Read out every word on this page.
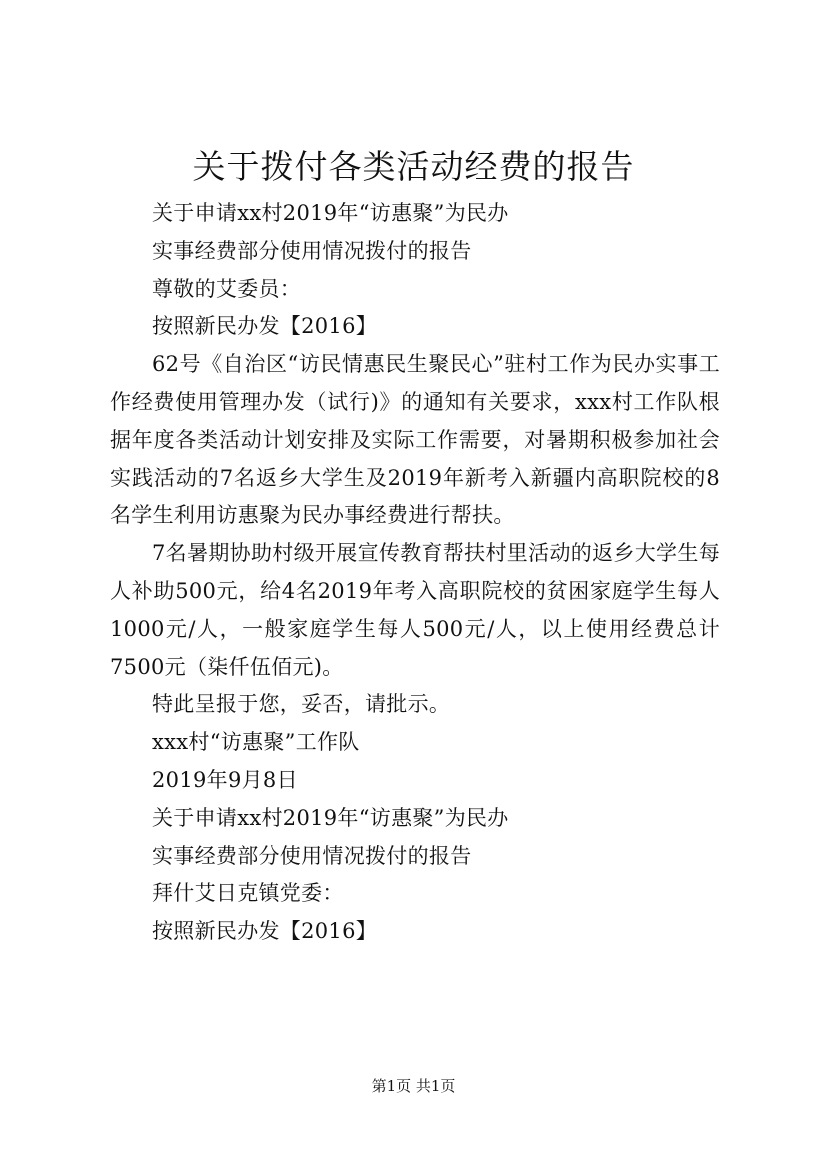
关于拨付各类活动经费的报告

关于申请xx村2019年“访惠聚”为民办

实事经费部分使用情况拨付的报告

尊敬的艾委员：

按照新民办发【2016】

62号《自治区“访民情惠民生聚民心”驻村工作为民办实事工作经费使用管理办发（试行)》的通知有关要求，xxx村工作队根据年度各类活动计划安排及实际工作需要，对暑期积极参加社会实践活动的7名返乡大学生及2019年新考入新疆内高职院校的8名学生利用访惠聚为民办事经费进行帮扶。

7名暑期协助村级开展宣传教育帮扶村里活动的返乡大学生每人补助500元，给4名2019年考入高职院校的贫困家庭学生每人1000元/人，一般家庭学生每人500元/人，以上使用经费总计7500元（柒仟伍佰元)。

特此呈报于您，妥否，请批示。

xxx村“访惠聚”工作队

2019年9月8日

关于申请xx村2019年“访惠聚”为民办

实事经费部分使用情况拨付的报告

拜什艾日克镇党委：

按照新民办发【2016】

第1页 共1页
